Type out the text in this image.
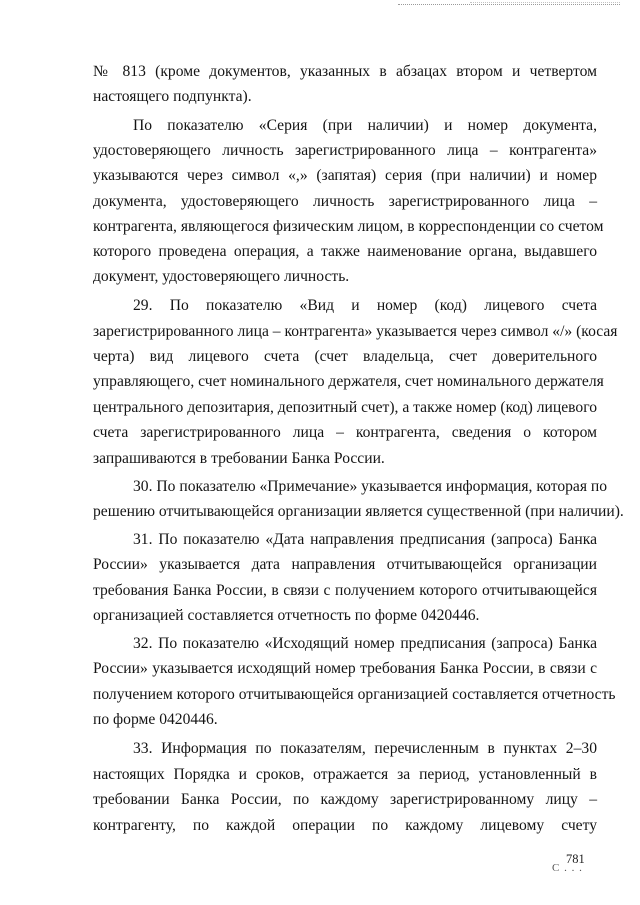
№ 813 (кроме документов, указанных в абзацах втором и четвертом

настоящего подпункта).

По показателю «Серия (при наличии) и номер документа,

удостоверяющего личность зарегистрированного лица – контрагента»

указываются через символ «,» (запятая) серия (при наличии) и номер

документа, удостоверяющего личность зарегистрированного лица –

контрагента, являющегося физическим лицом, в корреспонденции со счетом

которого проведена операция, а также наименование органа, выдавшего

документ, удостоверяющего личность.

29. По показателю «Вид и номер (код) лицевого счета

зарегистрированного лица – контрагента» указывается через символ «/» (косая

черта) вид лицевого счета (счет владельца, счет доверительного

управляющего, счет номинального держателя, счет номинального держателя

центрального депозитария, депозитный счет), а также номер (код) лицевого

счета зарегистрированного лица – контрагента, сведения о котором

запрашиваются в требовании Банка России.

30. По показателю «Примечание» указывается информация, которая по

решению отчитывающейся организации является существенной (при наличии).

31. По показателю «Дата направления предписания (запроса) Банка

России» указывается дата направления отчитывающейся организации

требования Банка России, в связи с получением которого отчитывающейся

организацией составляется отчетность по форме 0420446.

32. По показателю «Исходящий номер предписания (запроса) Банка

России» указывается исходящий номер требования Банка России, в связи с

получением которого отчитывающейся организацией составляется отчетность

по форме 0420446.

33. Информация по показателям, перечисленным в пунктах 2–30

настоящих Порядка и сроков, отражается за период, установленный в

требовании Банка России, по каждому зарегистрированному лицу –

контрагенту, по каждой операции по каждому лицевому счету

781
С . . .
